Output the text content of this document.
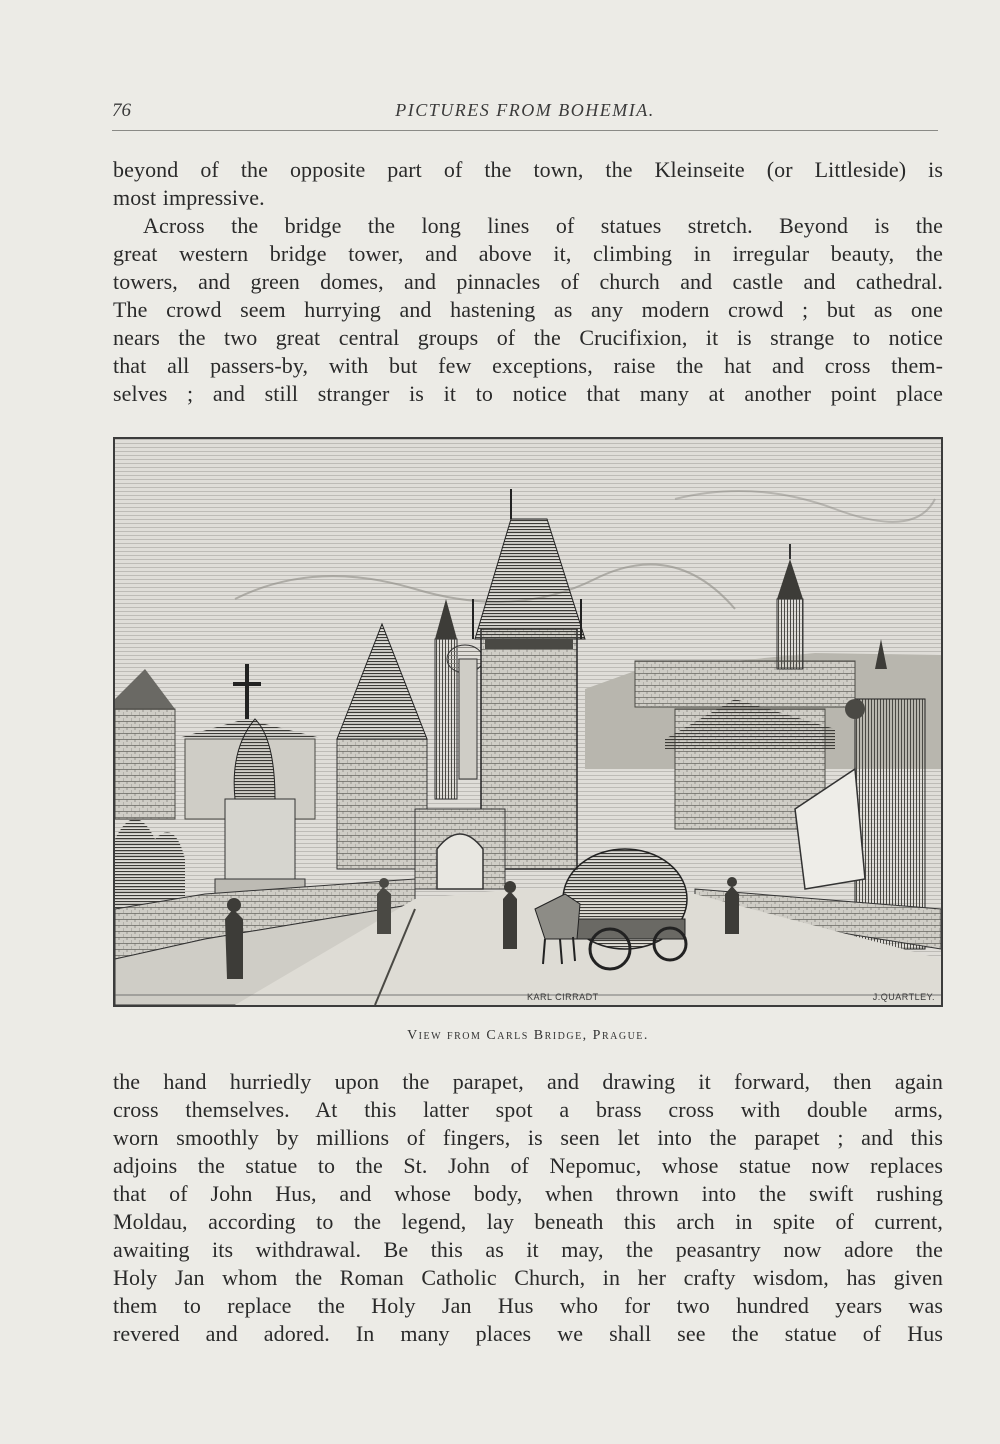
76	PICTURES FROM BOHEMIA.
beyond of the opposite part of the town, the Kleinseite (or Littleside) is
most impressive.
Across the bridge the long lines of statues stretch. Beyond is the
great western bridge tower, and above it, climbing in irregular beauty, the
towers, and green domes, and pinnacles of church and castle and cathedral.
The crowd seem hurrying and hastening as any modern crowd ; but as one
nears the two great central groups of the Crucifixion, it is strange to notice
that all passers-by, with but few exceptions, raise the hat and cross them-
selves ; and still stranger is it to notice that many at another point place
KARL CIRRADT	J.QUARTLEY.
View from Carls Bridge, Prague.
the hand hurriedly upon the parapet, and drawing it forward, then again
cross themselves. At this latter spot a brass cross with double arms,
worn smoothly by millions of fingers, is seen let into the parapet ; and this
adjoins the statue to the St. John of Nepomuc, whose statue now replaces
that of John Hus, and whose body, when thrown into the swift rushing
Moldau, according to the legend, lay beneath this arch in spite of current,
awaiting its withdrawal. Be this as it may, the peasantry now adore the
Holy Jan whom the Roman Catholic Church, in her crafty wisdom, has given
them to replace the Holy Jan Hus who for two hundred years was
revered and adored. In many places we shall see the statue of Hus
